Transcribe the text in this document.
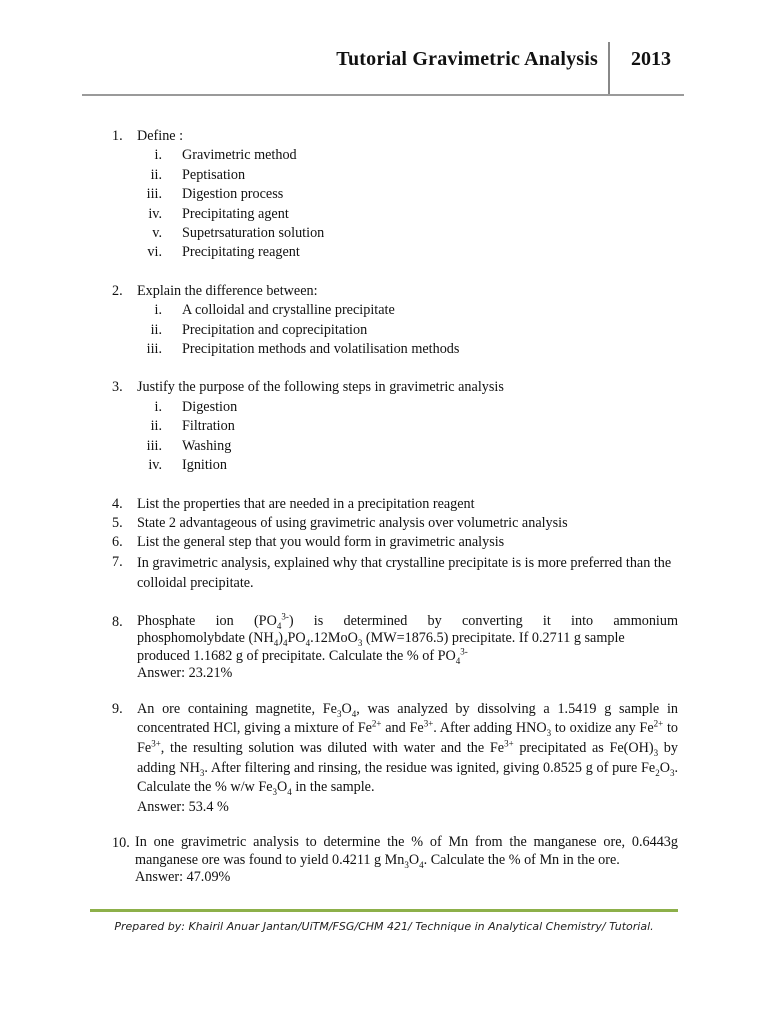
Tutorial Gravimetric Analysis 2013
1.	Define :
i.	Gravimetric method
ii.	Peptisation
iii.	Digestion process
iv.	Precipitating agent
v.	Supetrsaturation solution
vi.	Precipitating reagent
2.	Explain the difference between:
i.	A colloidal and crystalline precipitate
ii.	Precipitation and coprecipitation
iii.	Precipitation methods and volatilisation methods
3.	Justify the purpose of the following steps in gravimetric analysis
i.	Digestion
ii.	Filtration
iii.	Washing
iv.	Ignition
4.	List the properties that are needed in a precipitation reagent
5.	State 2 advantageous of using gravimetric analysis over volumetric analysis
6.	List the general step that you would form in gravimetric analysis
7.	In gravimetric analysis, explained why that crystalline precipitate is is more preferred than the colloidal precipitate.
8.	Phosphate ion $(PO_4^{3-})$ is determined by converting it into ammonium
phosphomolybdate $(NH_4)_4PO_4.12MoO_3$ (MW=1876.5) precipitate. If 0.2711 g sample produced 1.1682 g of precipitate. Calculate the % of $PO_4^{3-}$
Answer: 23.21%
9.	An ore containing magnetite, $Fe_3O_4$, was analyzed by dissolving a 1.5419 g sample in concentrated HCl, giving a mixture of $Fe^{2+}$ and $Fe^{3+}$. After adding $HNO_3$ to oxidize any $Fe^{2+}$ to $Fe^{3+}$, the resulting solution was diluted with water and the $Fe^{3+}$ precipitated as $Fe(OH)_3$ by adding $NH_3$. After filtering and rinsing, the residue was ignited, giving 0.8525 g of pure $Fe_2O_3$. Calculate the % w/w $Fe_3O_4$ in the sample.
Answer: 53.4 %
10. In one gravimetric analysis to determine the % of Mn from the manganese ore, 0.6443g manganese ore was found to yield 0.4211 g $Mn_3O_4$. Calculate the % of Mn in the ore.
Answer: 47.09%
Prepared by: Khairil Anuar Jantan/UiTM/FSG/CHM 421/ Technique in Analytical Chemistry/ Tutorial.
